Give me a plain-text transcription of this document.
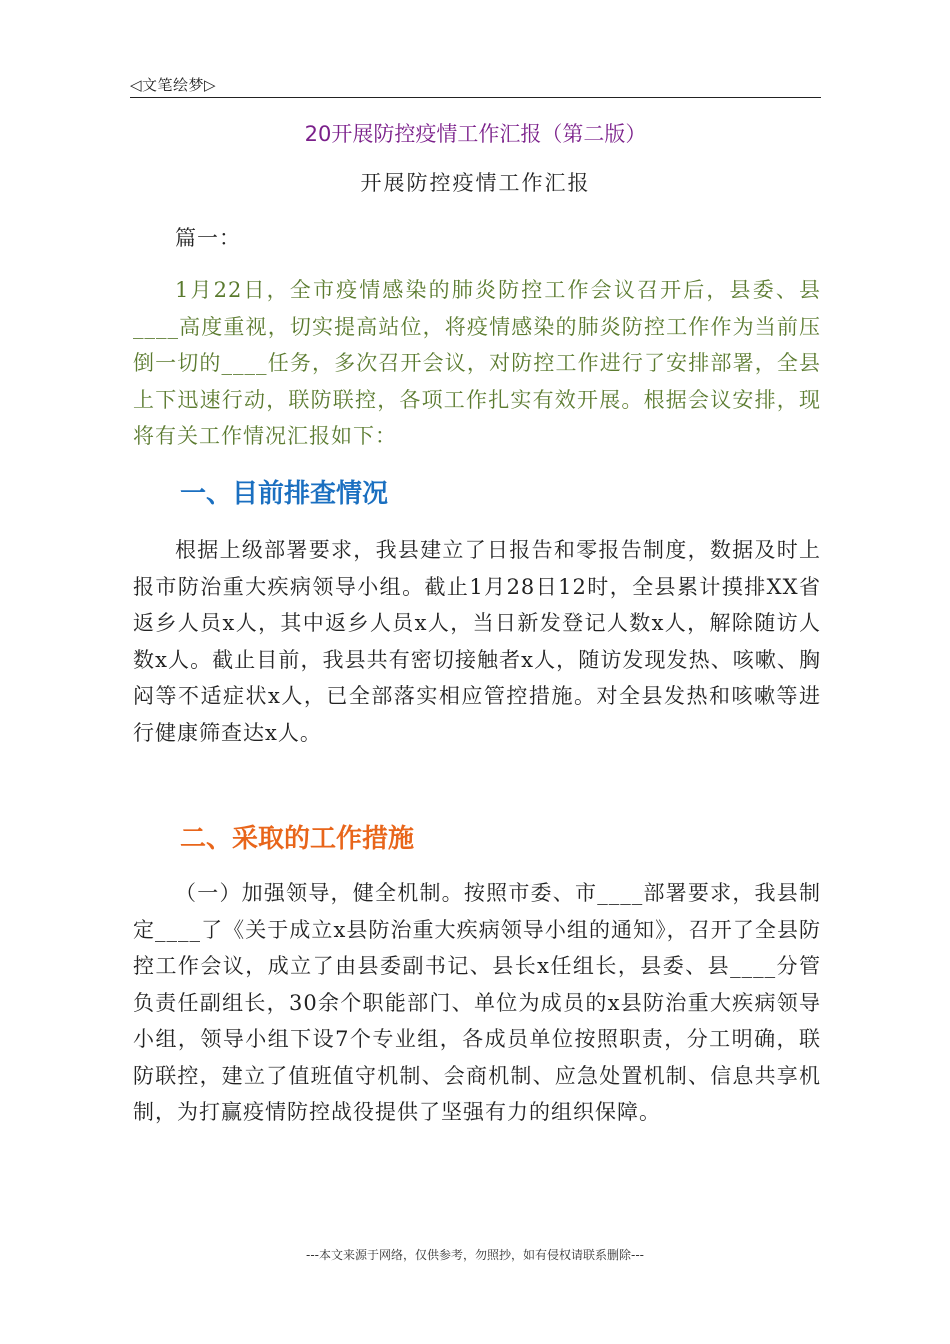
◁文笔绘梦▷
20开展防控疫情工作汇报（第二版）
开展防控疫情工作汇报

篇一：

1月22日，全市疫情感染的肺炎防控工作会议召开后，县委、县____高度重视，切实提高站位，将疫情感染的肺炎防控工作作为当前压倒一切的____任务，多次召开会议，对防控工作进行了安排部署，全县上下迅速行动，联防联控，各项工作扎实有效开展。根据会议安排，现将有关工作情况汇报如下：

一、目前排查情况

根据上级部署要求，我县建立了日报告和零报告制度，数据及时上报市防治重大疾病领导小组。截止1月28日12时，全县累计摸排XX省返乡人员x人，其中返乡人员x人，当日新发登记人数x人，解除随访人数x人。截止目前，我县共有密切接触者x人，随访发现发热、咳嗽、胸闷等不适症状x人，已全部落实相应管控措施。对全县发热和咳嗽等进行健康筛查达x人。

二、采取的工作措施

（一）加强领导，健全机制。按照市委、市____部署要求，我县制定____了《关于成立x县防治重大疾病领导小组的通知》，召开了全县防控工作会议，成立了由县委副书记、县长x任组长，县委、县____分管负责任副组长，30余个职能部门、单位为成员的x县防治重大疾病领导小组，领导小组下设7个专业组，各成员单位按照职责，分工明确，联防联控，建立了值班值守机制、会商机制、应急处置机制、信息共享机制，为打赢疫情防控战役提供了坚强有力的组织保障。

---本文来源于网络，仅供参考，勿照抄，如有侵权请联系删除---
